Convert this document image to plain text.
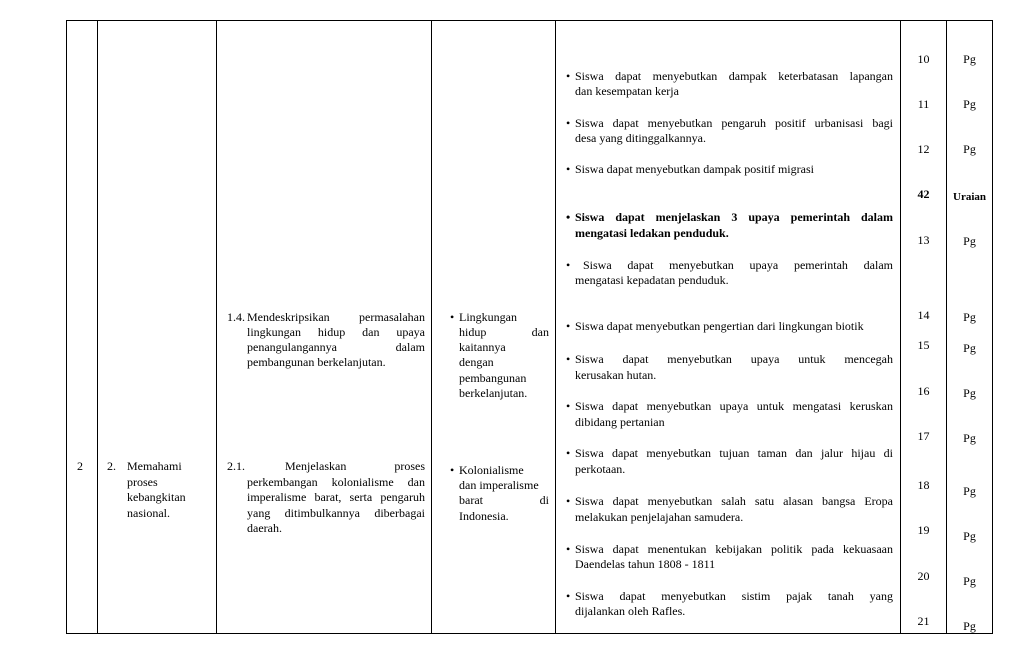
2 2. Memahami
proses
kebangkitan
nasional.
1.4. Mendeskripsikan permasalahan
lingkungan hidup dan upaya
penangulangannya dalam
pembangunan berkelanjutan.
2.1.	Menjelaskan proses
perkembangan kolonialisme dan
imperalisme barat, serta pengaruh
yang ditimbulkannya diberbagai
daerah.
• Lingkungan
hidup dan
kaitannya
dengan
pembangunan
berkelanjutan.
• Kolonialisme
dan imperalisme
barat di
Indonesia.
• Siswa dapat menyebutkan dampak keterbatasan lapangan
dan kesempatan kerja
• Siswa dapat menyebutkan pengaruh positif urbanisasi bagi
desa yang ditinggalkannya.
• Siswa dapat menyebutkan dampak positif migrasi
• Siswa dapat menjelaskan 3 upaya pemerintah dalam
mengatasi ledakan penduduk.
• Siswa dapat menyebutkan upaya pemerintah dalam
mengatasi kepadatan penduduk.
• Siswa dapat menyebutkan pengertian dari lingkungan biotik
• Siswa dapat menyebutkan upaya untuk mencegah
kerusakan hutan.
• Siswa dapat menyebutkan upaya untuk mengatasi keruskan
dibidang pertanian
• Siswa dapat menyebutkan tujuan taman dan jalur hijau di
perkotaan.
• Siswa dapat menyebutkan salah satu alasan bangsa Eropa
melakukan penjelajahan samudera.
• Siswa dapat menentukan kebijakan politik pada kekuasaan
Daendelas tahun 1808 - 1811
• Siswa dapat menyebutkan sistim pajak tanah yang
dijalankan oleh Rafles.
10
11
12
42
13
14
15
16
17
18
19
20
21
Pg
Pg
Pg
Uraian
Pg
Pg
Pg
Pg
Pg
Pg
Pg
Pg
Pg
